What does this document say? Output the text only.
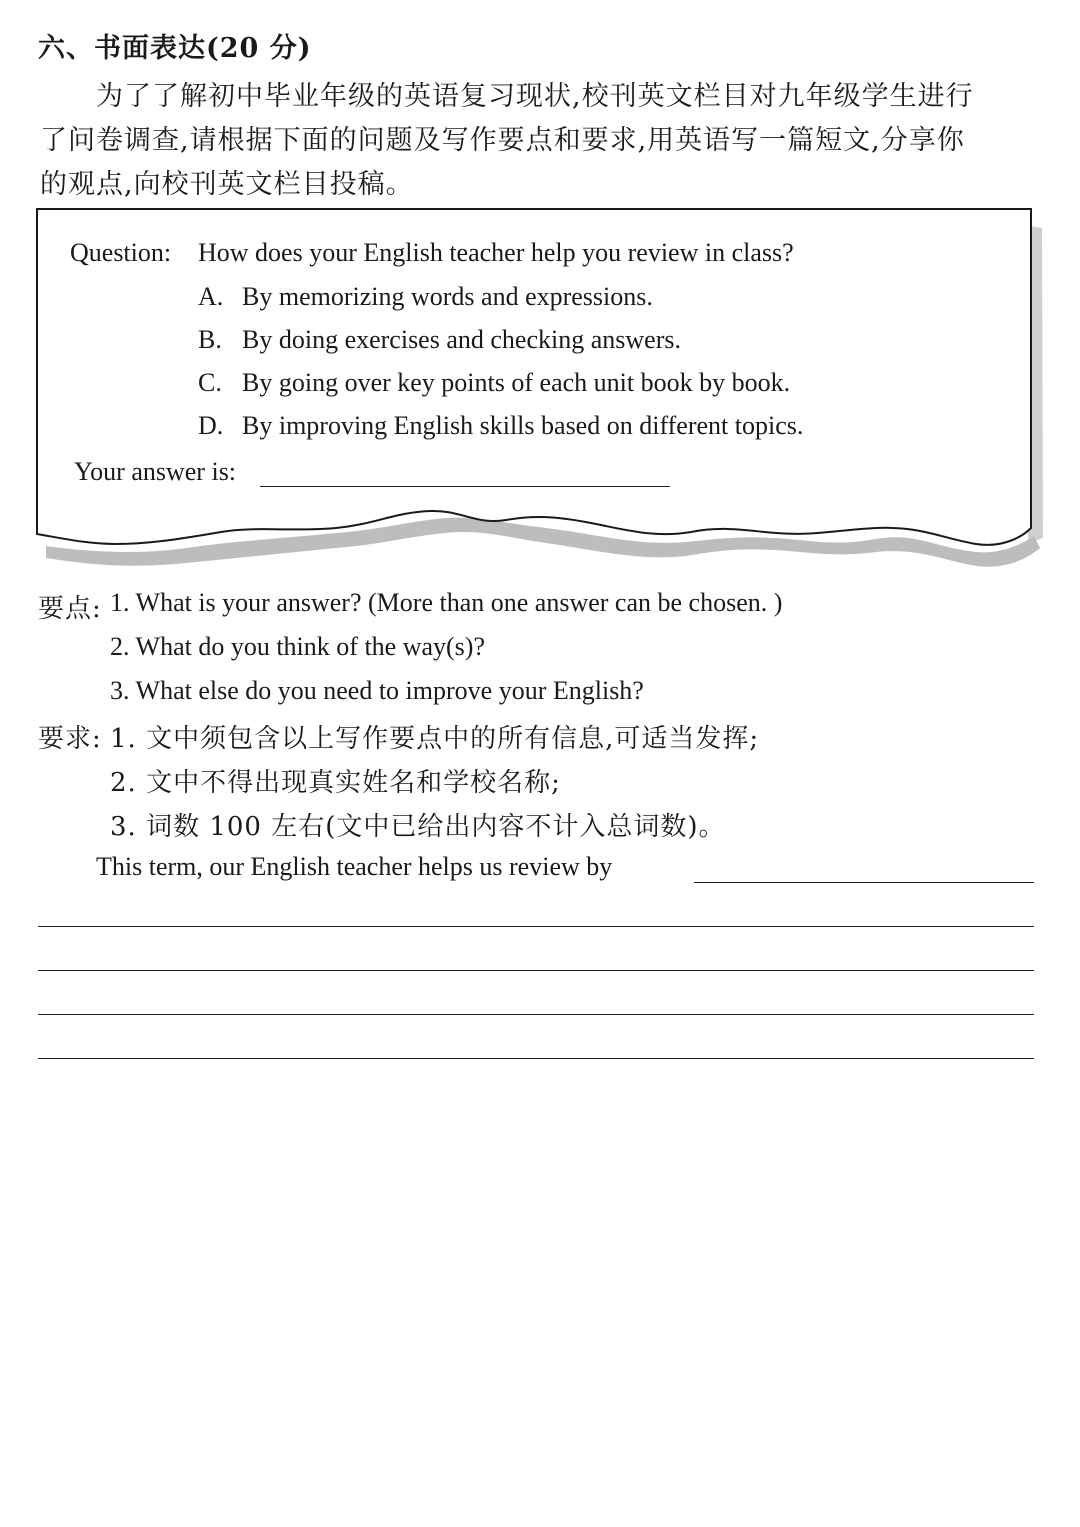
六、书面表达(20 分)
为了了解初中毕业年级的英语复习现状,校刊英文栏目对九年级学生进行
了问卷调查,请根据下面的问题及写作要点和要求,用英语写一篇短文,分享你
的观点,向校刊英文栏目投稿。
Question: How does your English teacher help you review in class?
A. By memorizing words and expressions.
B. By doing exercises and checking answers.
C. By going over key points of each unit book by book.
D. By improving English skills based on different topics.
Your answer is:
要点: 1. What is your answer? (More than one answer can be chosen. )
2. What do you think of the way(s)?
3. What else do you need to improve your English?
要求: 1. 文中须包含以上写作要点中的所有信息,可适当发挥;
2. 文中不得出现真实姓名和学校名称;
3. 词数 100 左右(文中已给出内容不计入总词数)。
This term, our English teacher helps us review by
